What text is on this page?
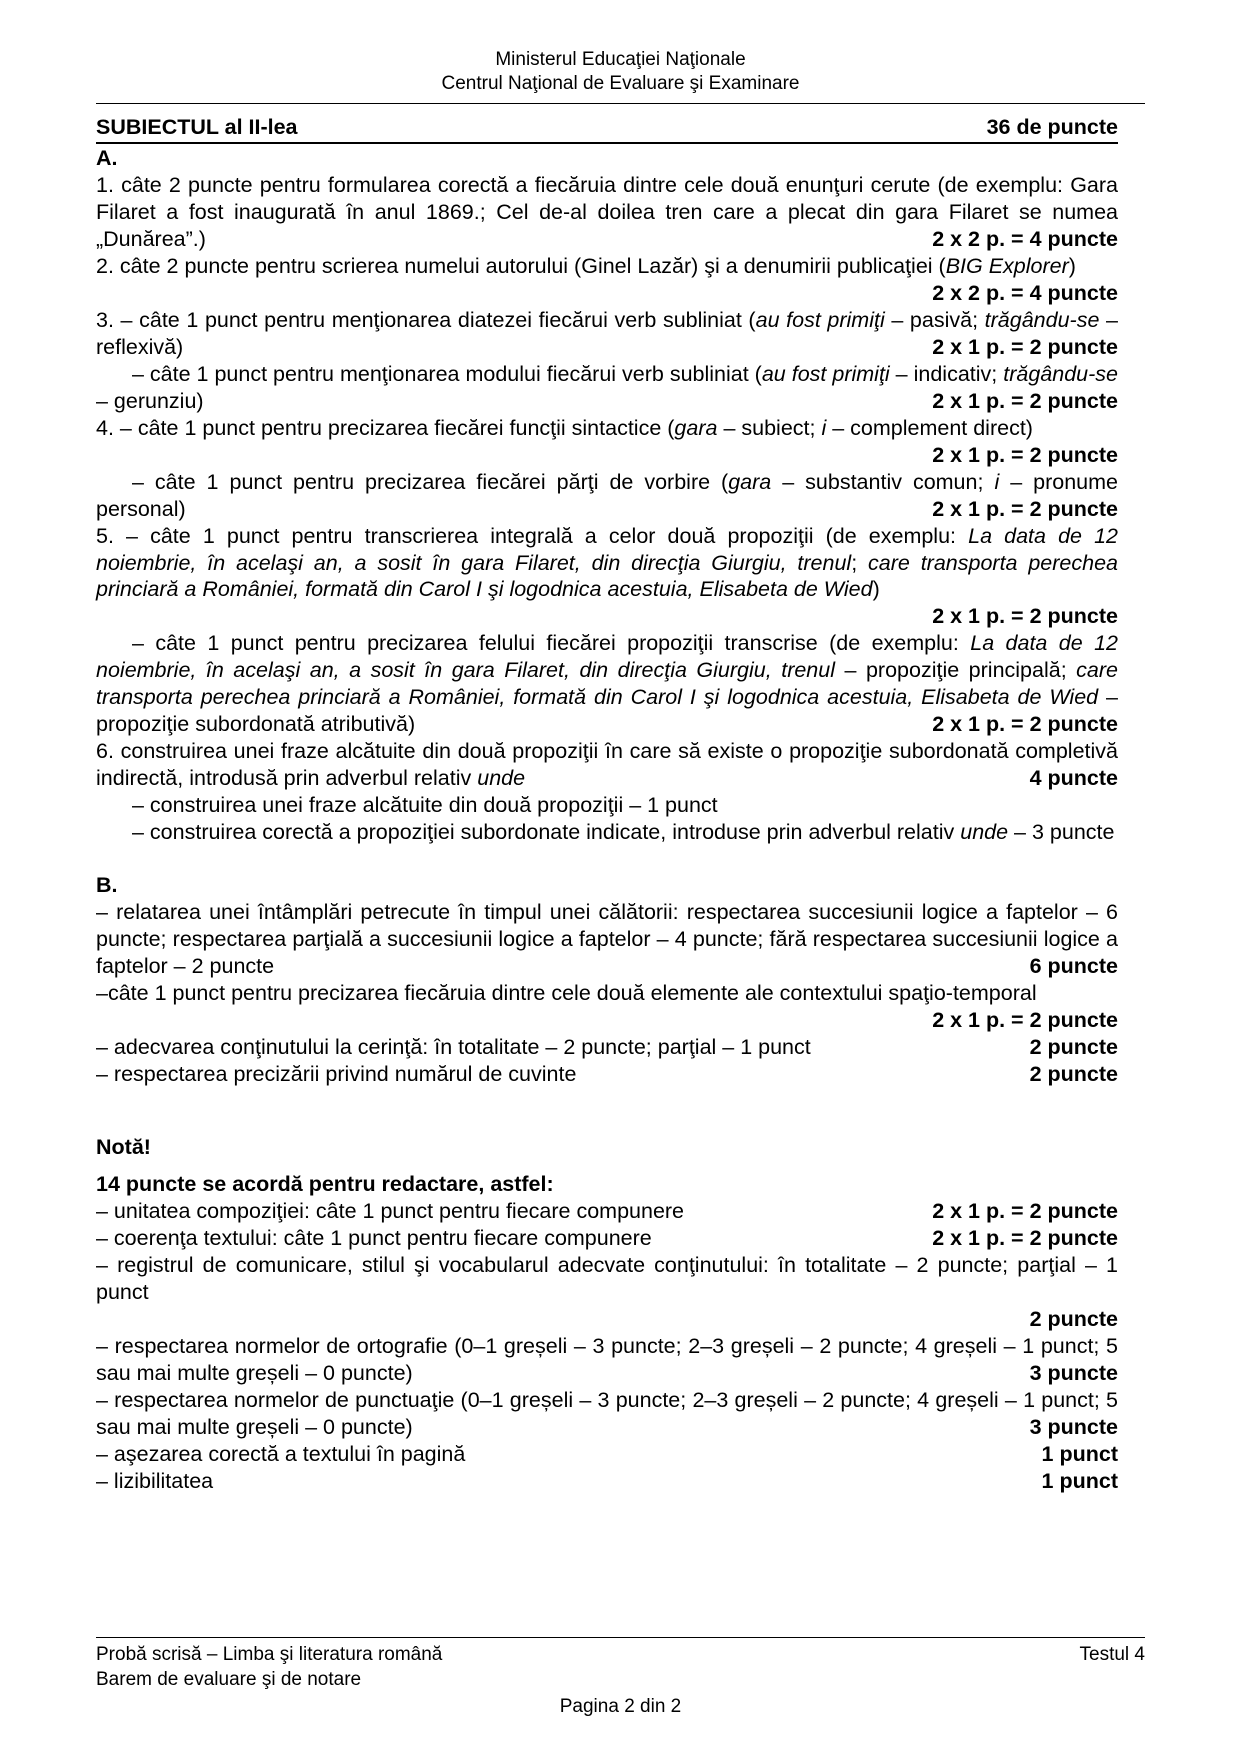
Ministerul Educaţiei Naţionale
Centrul Naţional de Evaluare şi Examinare
SUBIECTUL al II-lea	36 de puncte

A.

1. câte 2 puncte pentru formularea corectă a fiecăruia dintre cele două enunţuri cerute (de exemplu: Gara Filaret a fost inaugurată în anul 1869.; Cel de-al doilea tren care a plecat din gara Filaret se numea „Dunărea”.)	2 x 2 p. = 4 puncte

2. câte 2 puncte pentru scrierea numelui autorului (Ginel Lazăr) şi a denumirii publicaţiei (BIG Explorer)

2 x 2 p. = 4 puncte

3. – câte 1 punct pentru menţionarea diatezei fiecărui verb subliniat (au fost primiţi – pasivă; trăgându-se – reflexivă)	2 x 1 p. = 2 puncte

– câte 1 punct pentru menţionarea modului fiecărui verb subliniat (au fost primiţi – indicativ; trăgându-se – gerunziu)	2 x 1 p. = 2 puncte

4. – câte 1 punct pentru precizarea fiecărei funcţii sintactice (gara – subiect; i – complement direct)

2 x 1 p. = 2 puncte

– câte 1 punct pentru precizarea fiecărei părţi de vorbire (gara – substantiv comun; i – pronume personal)	2 x 1 p. = 2 puncte

5. – câte 1 punct pentru transcrierea integrală a celor două propoziţii (de exemplu: La data de 12 noiembrie, în acelaşi an, a sosit în gara Filaret, din direcţia Giurgiu, trenul; care transporta perechea princiară a României, formată din Carol I şi logodnica acestuia, Elisabeta de Wied)

2 x 1 p. = 2 puncte

– câte 1 punct pentru precizarea felului fiecărei propoziţii transcrise (de exemplu: La data de 12 noiembrie, în acelaşi an, a sosit în gara Filaret, din direcţia Giurgiu, trenul – propoziţie principală; care transporta perechea princiară a României, formată din Carol I şi logodnica acestuia, Elisabeta de Wied – propoziţie subordonată atributivă)	2 x 1 p. = 2 puncte

6. construirea unei fraze alcătuite din două propoziţii în care să existe o propoziţie subordonată completivă indirectă, introdusă prin adverbul relativ unde	4 puncte

– construirea unei fraze alcătuite din două propoziţii – 1 punct

– construirea corectă a propoziţiei subordonate indicate, introduse prin adverbul relativ unde – 3 puncte

B.

– relatarea unei întâmplări petrecute în timpul unei călătorii: respectarea succesiunii logice a faptelor – 6 puncte; respectarea parţială a succesiunii logice a faptelor – 4 puncte; fără respectarea succesiunii logice a faptelor – 2 puncte	6 puncte

–câte 1 punct pentru precizarea fiecăruia dintre cele două elemente ale contextului spaţio-temporal

2 x 1 p. = 2 puncte

– adecvarea conţinutului la cerinţă: în totalitate – 2 puncte; parţial – 1 punct	2 puncte
– respectarea precizării privind numărul de cuvinte	2 puncte

Notă!

14 puncte se acordă pentru redactare, astfel:

– unitatea compoziţiei: câte 1 punct pentru fiecare compunere	2 x 1 p. = 2 puncte
– coerenţa textului: câte 1 punct pentru fiecare compunere	2 x 1 p. = 2 puncte

– registrul de comunicare, stilul şi vocabularul adecvate conţinutului: în totalitate – 2 puncte; parţial – 1 punct

2 puncte

– respectarea normelor de ortografie (0–1 greșeli – 3 puncte; 2–3 greșeli – 2 puncte; 4 greșeli – 1 punct; 5 sau mai multe greșeli – 0 puncte)	3 puncte

– respectarea normelor de punctuaţie (0–1 greșeli – 3 puncte; 2–3 greșeli – 2 puncte; 4 greșeli – 1 punct; 5 sau mai multe greșeli – 0 puncte)	3 puncte

– aşezarea corectă a textului în pagină	1 punct
– lizibilitatea	1 punct
Probă scrisă – Limba şi literatura română	Testul 4
Barem de evaluare şi de notare
Pagina 2 din 2
